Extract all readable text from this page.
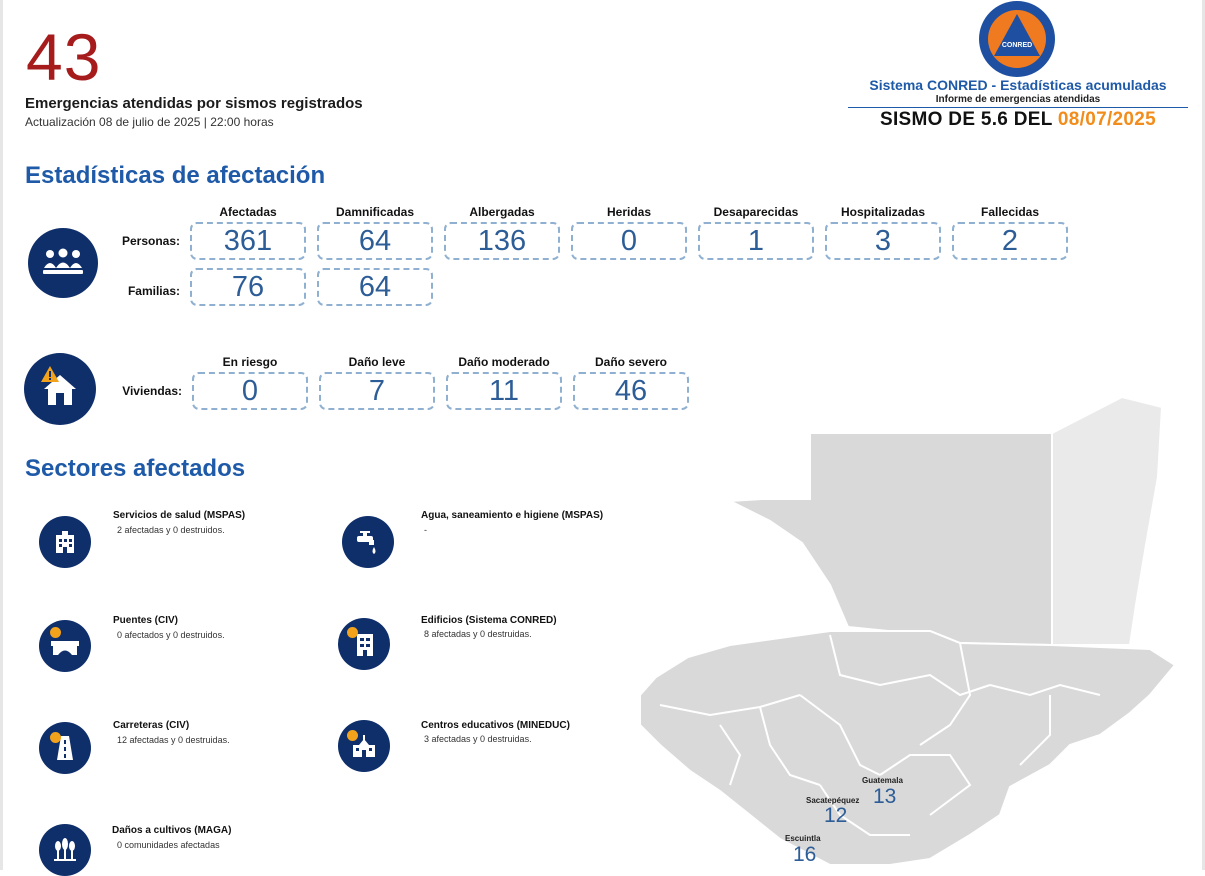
43
Emergencias atendidas por sismos registrados
Actualización 08 de julio de 2025 | 22:00 horas
CONRED
Sistema CONRED - Estadísticas acumuladas
Informe de emergencias atendidas
SISMO DE 5.6 DEL 08/07/2025
Estadísticas de afectación
Personas:
Familias:
Afectadas	Damnificadas	Albergadas	Heridas	Desaparecidas	Hospitalizadas	Fallecidas
361	64	136	0	1	3	2
76	64
Viviendas:
En riesgo	Daño leve	Daño moderado	Daño severo
0	7	11	46
Sectores afectados
Servicios de salud (MSPAS)
2 afectadas y 0 destruidos.
Agua, saneamiento e higiene (MSPAS)
-
Puentes (CIV)
0 afectados y 0 destruidos.
Edificios (Sistema CONRED)
8 afectadas y 0 destruidas.
Carreteras (CIV)
12 afectadas y 0 destruidas.
Centros educativos (MINEDUC)
3 afectadas y 0 destruidas.
Daños a cultivos (MAGA)
0 comunidades afectadas
Guatemala
13
Sacatepéquez
12
Escuintla
16
